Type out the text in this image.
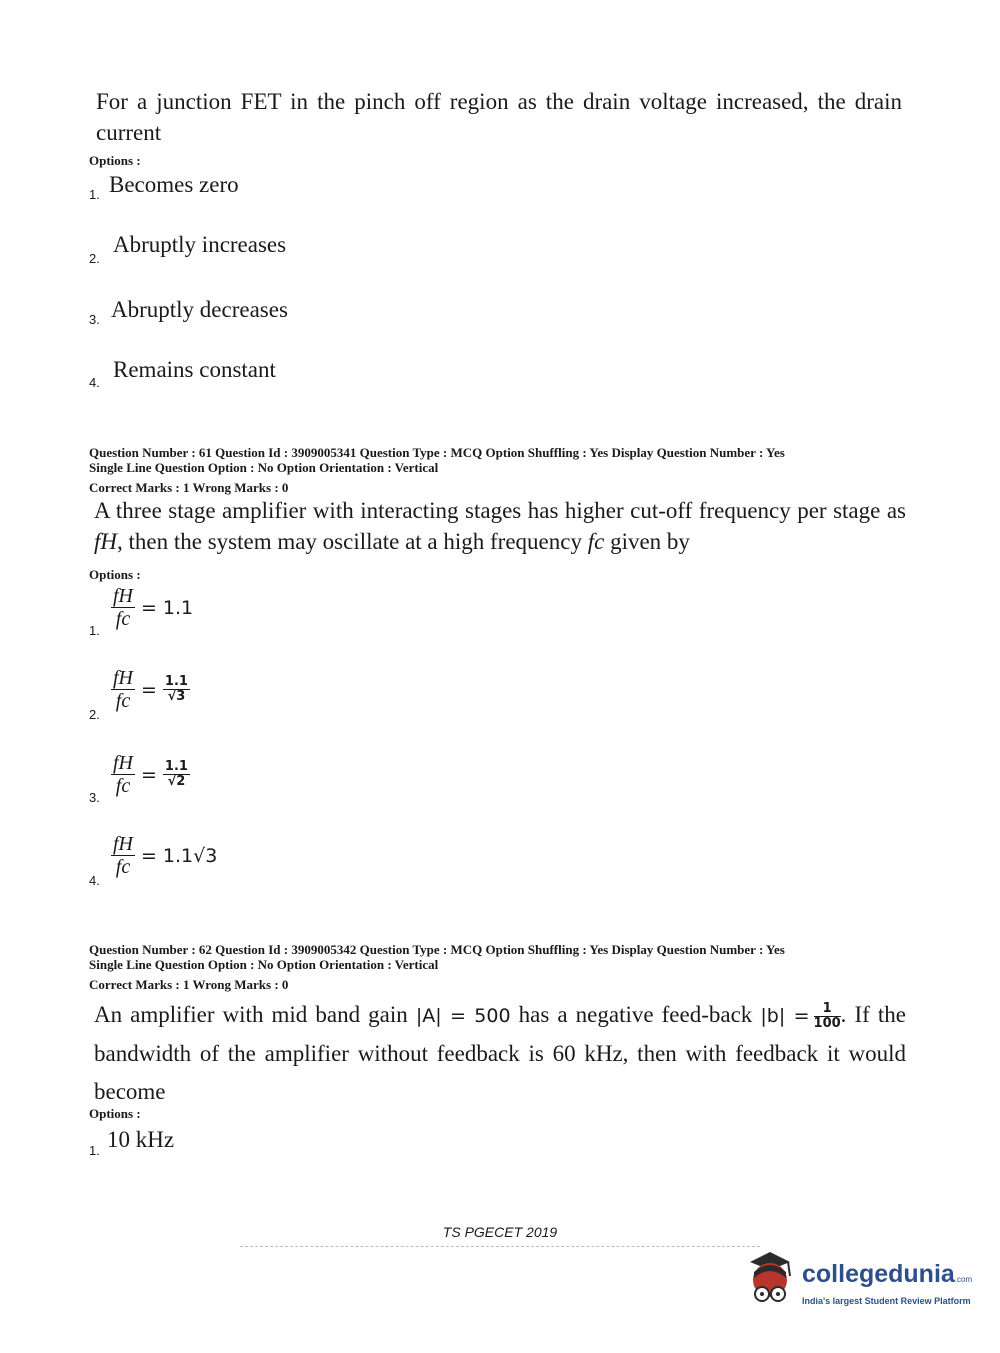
For a junction FET in the pinch off region as the drain voltage increased, the drain current
Options :
1. Becomes zero
2.
Abruptly increases
3. Abruptly decreases
4.
Remains constant
Question Number : 61 Question Id : 3909005341 Question Type : MCQ Option Shuffling : Yes Display Question Number : Yes
Single Line Question Option : No Option Orientation : Vertical
Correct Marks : 1 Wrong Marks : 0
A three stage amplifier with interacting stages has higher cut-off frequency per stage as fH, then the system may oscillate at a high frequency fc given by
Options :
1.
$\frac{fH}{fc} = 1.1$
2.
$\frac{fH}{fc} = \frac{1.1}{√3}$
3.
$\frac{fH}{fc} = \frac{1.1}{√2}$
4.
$\frac{fH}{fc} = 1.1√3$
Question Number : 62 Question Id : 3909005342 Question Type : MCQ Option Shuffling : Yes Display Question Number : Yes
Single Line Question Option : No Option Orientation : Vertical
Correct Marks : 1 Wrong Marks : 0
An amplifier with mid band gain |A| = 500 has a negative feed-back $|b| = \frac{1}{100}$ . If the bandwidth of the amplifier without feedback is 60 kHz, then with feedback it would become
Options :
1. 10 kHz
TS PGECET 2019
collegedunia.com
India's largest Student Review Platform
